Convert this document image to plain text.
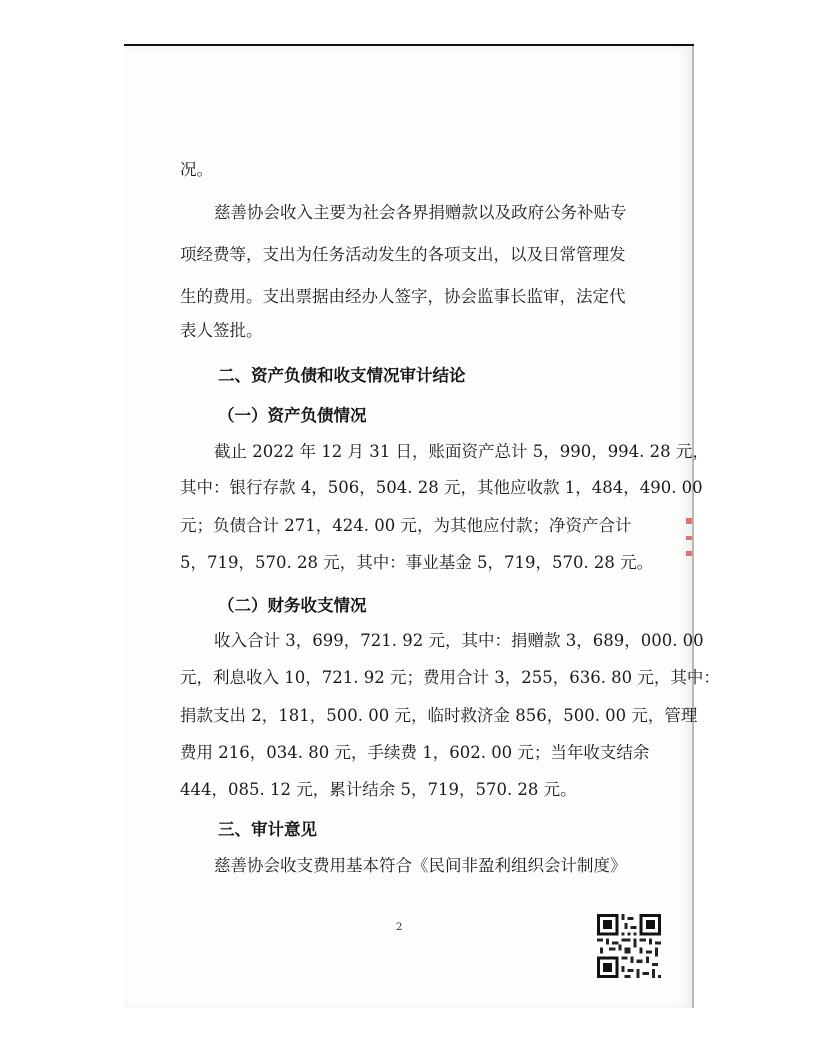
况。
慈善协会收入主要为社会各界捐赠款以及政府公务补贴专
项经费等，支出为任务活动发生的各项支出，以及日常管理发
生的费用。支出票据由经办人签字，协会监事长监审，法定代
表人签批。
二、资产负债和收支情况审计结论
（一）资产负债情况
截止 2022 年 12 月 31 日，账面资产总计 5，990，994. 28 元，
其中：银行存款 4，506，504. 28 元，其他应收款 1，484，490. 00
元；负债合计 271，424. 00 元，为其他应付款；净资产合计
5，719，570. 28 元，其中：事业基金 5，719，570. 28 元。
（二）财务收支情况
收入合计 3，699，721. 92 元，其中：捐赠款 3，689，000. 00
元，利息收入 10，721. 92 元；费用合计 3，255，636. 80 元，其中：
捐款支出 2，181，500. 00 元，临时救济金 856，500. 00 元，管理
费用 216，034. 80 元，手续费 1，602. 00 元；当年收支结余
444，085. 12 元，累计结余 5，719，570. 28 元。
三、审计意见
慈善协会收支费用基本符合《民间非盈利组织会计制度》
2
